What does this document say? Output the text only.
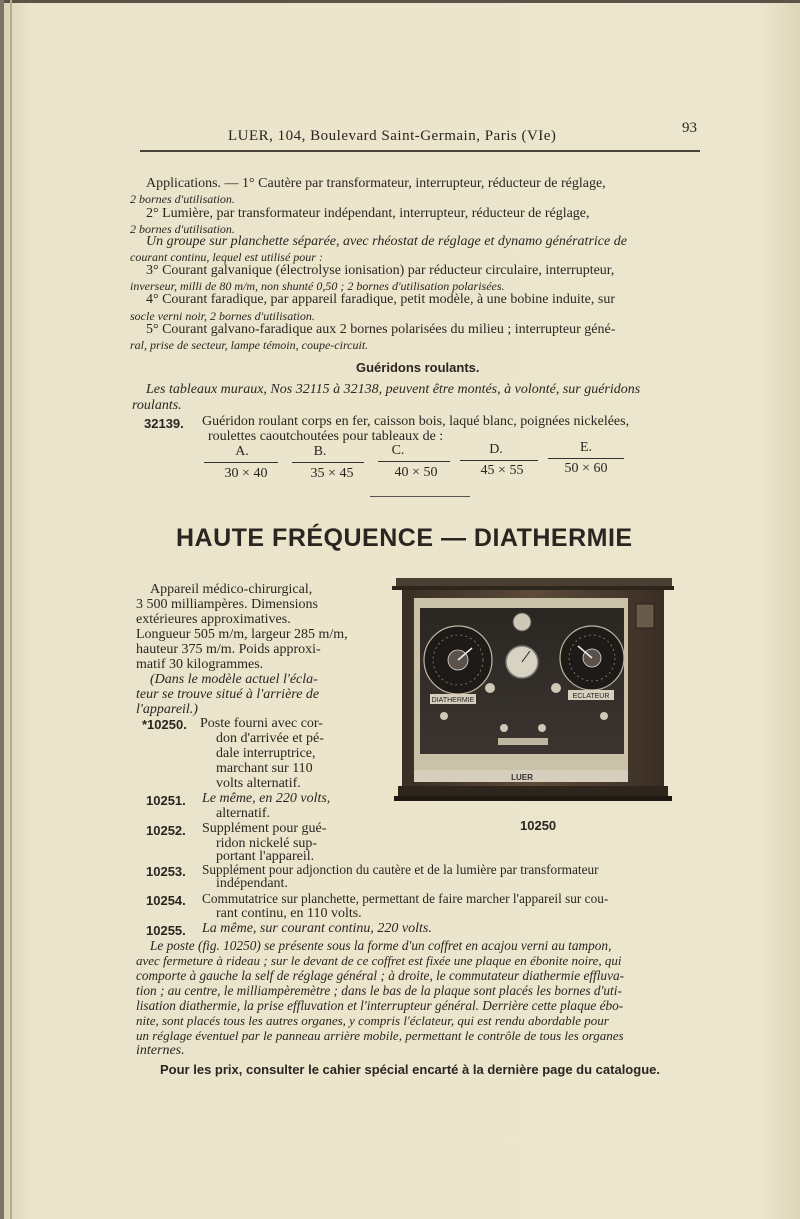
LUER, 104, Boulevard Saint-Germain, Paris (VIe)	93
Applications. — 1° Cautère par transformateur, interrupteur, réducteur de réglage,
2 bornes d'utilisation.
2° Lumière, par transformateur indépendant, interrupteur, réducteur de réglage,
2 bornes d'utilisation.
Un groupe sur planchette séparée, avec rhéostat de réglage et dynamo génératrice de
courant continu, lequel est utilisé pour :
3° Courant galvanique (électrolyse ionisation) par réducteur circulaire, interrupteur,
inverseur, milli de 80 m/m, non shunté 0,50 ; 2 bornes d'utilisation polarisées.
4° Courant faradique, par appareil faradique, petit modèle, à une bobine induite, sur
socle verni noir, 2 bornes d'utilisation.
5° Courant galvano-faradique aux 2 bornes polarisées du milieu ; interrupteur géné-
ral, prise de secteur, lampe témoin, coupe-circuit.
Guéridons roulants.
Les tableaux muraux, Nos 32115 à 32138, peuvent être montés, à volonté, sur guéridons
roulants.
32139. Guéridon roulant corps en fer, caisson bois, laqué blanc, poignées nickelées,
roulettes caoutchoutées pour tableaux de :
A.	B.	C.	D.	E.
30 × 40	35 × 45	40 × 50	45 × 55	50 × 60
HAUTE FRÉQUENCE — DIATHERMIE
Appareil médico-chirurgical,
3 500 milliampères. Dimensions
extérieures approximatives.
Longueur 505 m/m, largeur 285 m/m,
hauteur 375 m/m. Poids approxi-
matif 30 kilogrammes.
(Dans le modèle actuel l'écla-
teur se trouve situé à l'arrière de
l'appareil.)
*10250. Poste fourni avec cor-
don d'arrivée et pé-
dale interruptrice,
marchant sur 110
volts alternatif.
10251. Le même, en 220 volts,
alternatif.
10252. Supplément pour gué-
ridon nickelé sup-
portant l'appareil.
10253. Supplément pour adjonction du cautère et de la lumière par transformateur
indépendant.
10254. Commutatrice sur planchette, permettant de faire marcher l'appareil sur cou-
rant continu, en 110 volts.
10255. La même, sur courant continu, 220 volts.
Le poste (fig. 10250) se présente sous la forme d'un coffret en acajou verni au tampon,
avec fermeture à rideau ; sur le devant de ce coffret est fixée une plaque en ébonite noire, qui
comporte à gauche la self de réglage général ; à droite, le commutateur diathermie effluva-
tion ; au centre, le milliampèremètre ; dans le bas de la plaque sont placés les bornes d'uti-
lisation diathermie, la prise effluvation et l'interrupteur général. Derrière cette plaque ébo-
nite, sont placés tous les autres organes, y compris l'éclateur, qui est rendu abordable pour
un réglage éventuel par le panneau arrière mobile, permettant le contrôle de tous les organes
internes.
DIATHERMIE
ECLATEUR
LUER
10250
Pour les prix, consulter le cahier spécial encarté à la dernière page du catalogue.
